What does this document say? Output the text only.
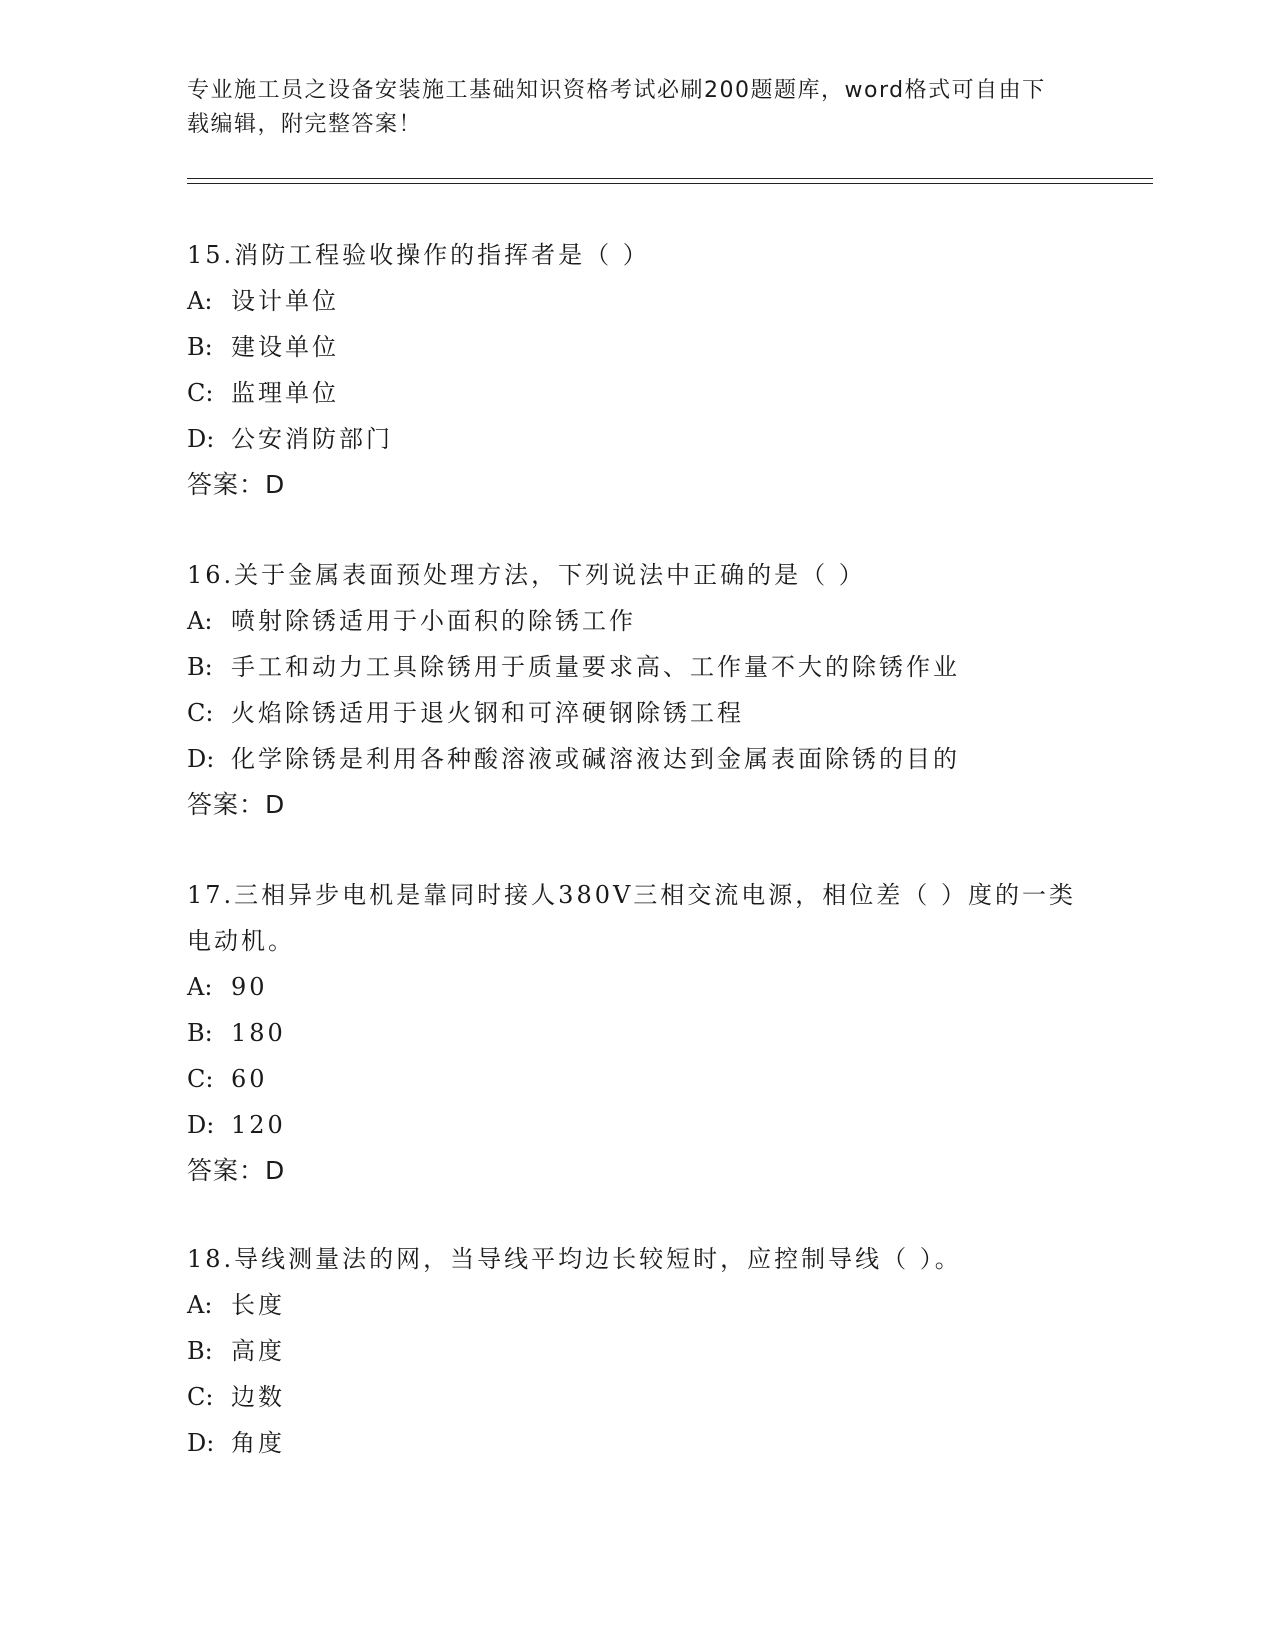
专业施工员之设备安装施工基础知识资格考试必刷200题题库，word格式可自由下载编辑，附完整答案！
15.消防工程验收操作的指挥者是（ ）
A: 设计单位
B: 建设单位
C: 监理单位
D: 公安消防部门
答案：D
16.关于金属表面预处理方法，下列说法中正确的是（ ）
A: 喷射除锈适用于小面积的除锈工作
B: 手工和动力工具除锈用于质量要求高、工作量不大的除锈作业
C: 火焰除锈适用于退火钢和可淬硬钢除锈工程
D: 化学除锈是利用各种酸溶液或碱溶液达到金属表面除锈的目的
答案：D
17.三相异步电机是靠同时接人380V三相交流电源，相位差（ ）度的一类电动机。
A: 90
B: 180
C: 60
D: 120
答案：D
18.导线测量法的网，当导线平均边长较短时，应控制导线（ ）。
A: 长度
B: 高度
C: 边数
D: 角度
